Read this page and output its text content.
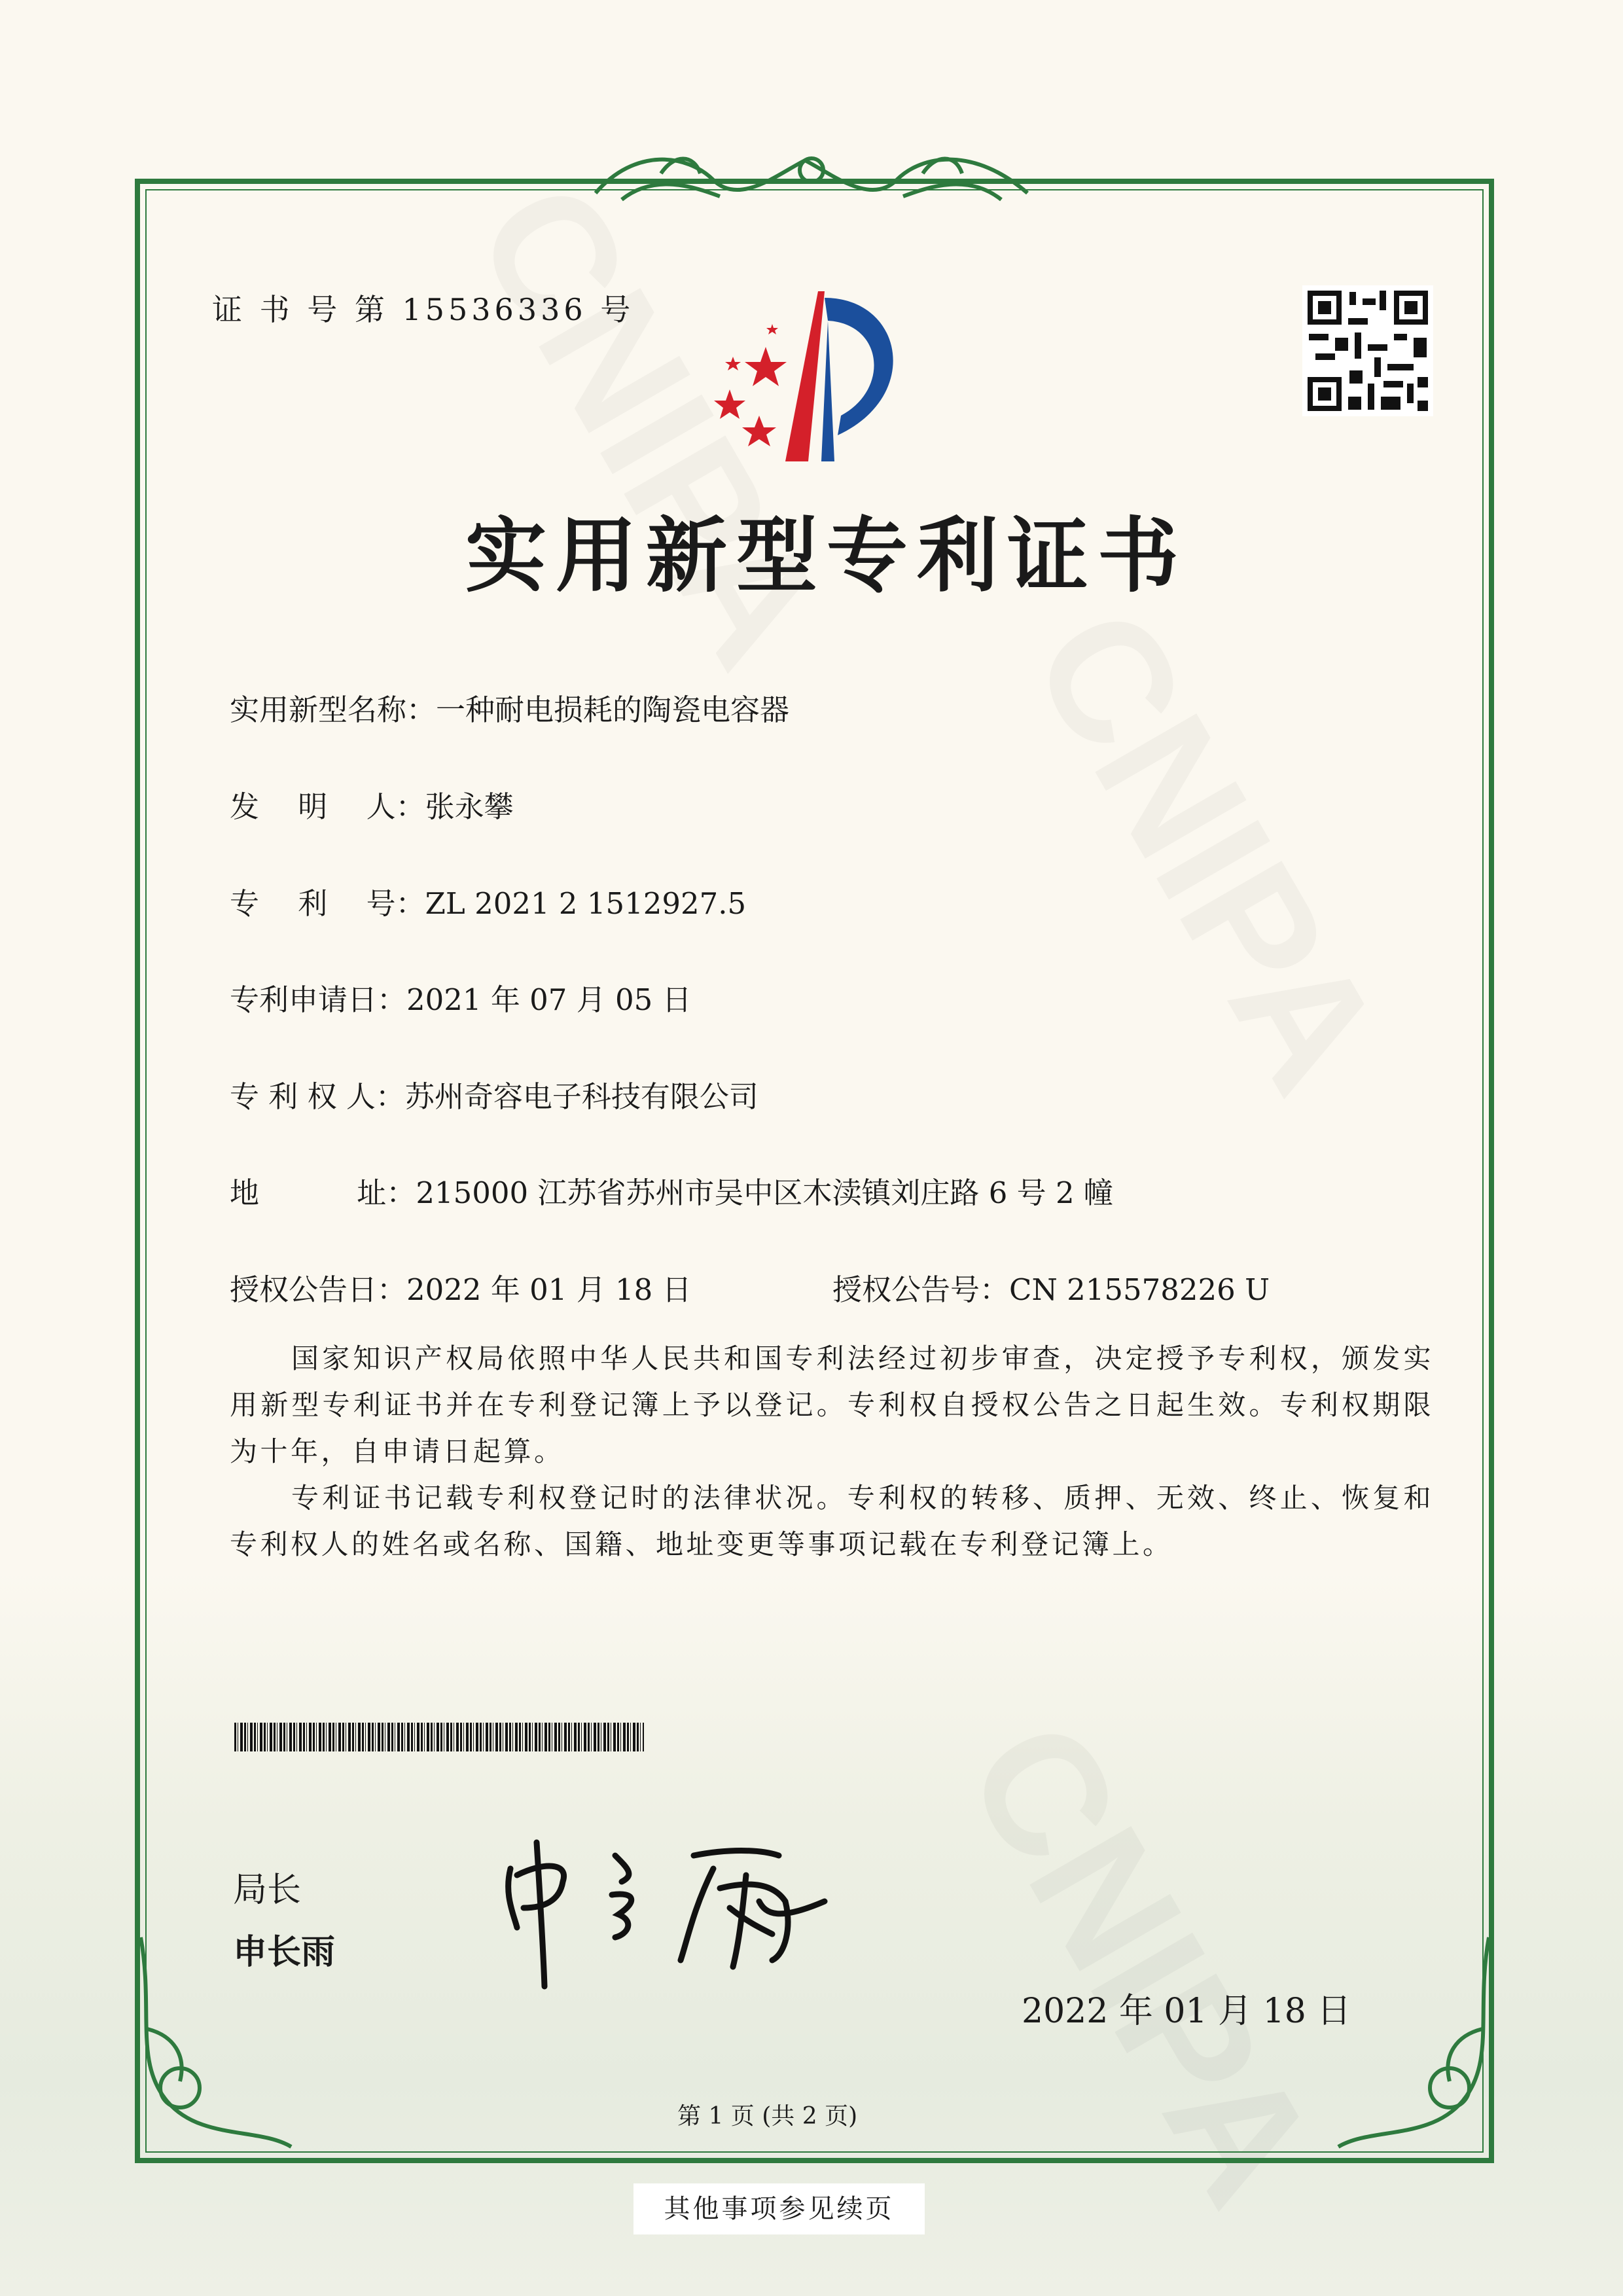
证 书 号 第 15536336 号
实用新型专利证书
实用新型名称：一种耐电损耗的陶瓷电容器
发　 明　 人：张永攀
专　 利　 号：ZL 2021 2 1512927.5
专利申请日：2021 年 07 月 05 日
专 利 权 人：苏州奇容电子科技有限公司
地　　　 址：215000 江苏省苏州市吴中区木渎镇刘庄路 6 号 2 幢
授权公告日：2022 年 01 月 18 日	授权公告号：CN 215578226 U

国家知识产权局依照中华人民共和国专利法经过初步审查，决定授予专利权，颁发实用新型专利证书并在专利登记簿上予以登记。专利权自授权公告之日起生效。专利权期限为十年，自申请日起算。

专利证书记载专利权登记时的法律状况。专利权的转移、质押、无效、终止、恢复和专利权人的姓名或名称、国籍、地址变更等事项记载在专利登记簿上。

局长
申长雨
2022 年 01 月 18 日
第 1 页 (共 2 页)
其他事项参见续页
